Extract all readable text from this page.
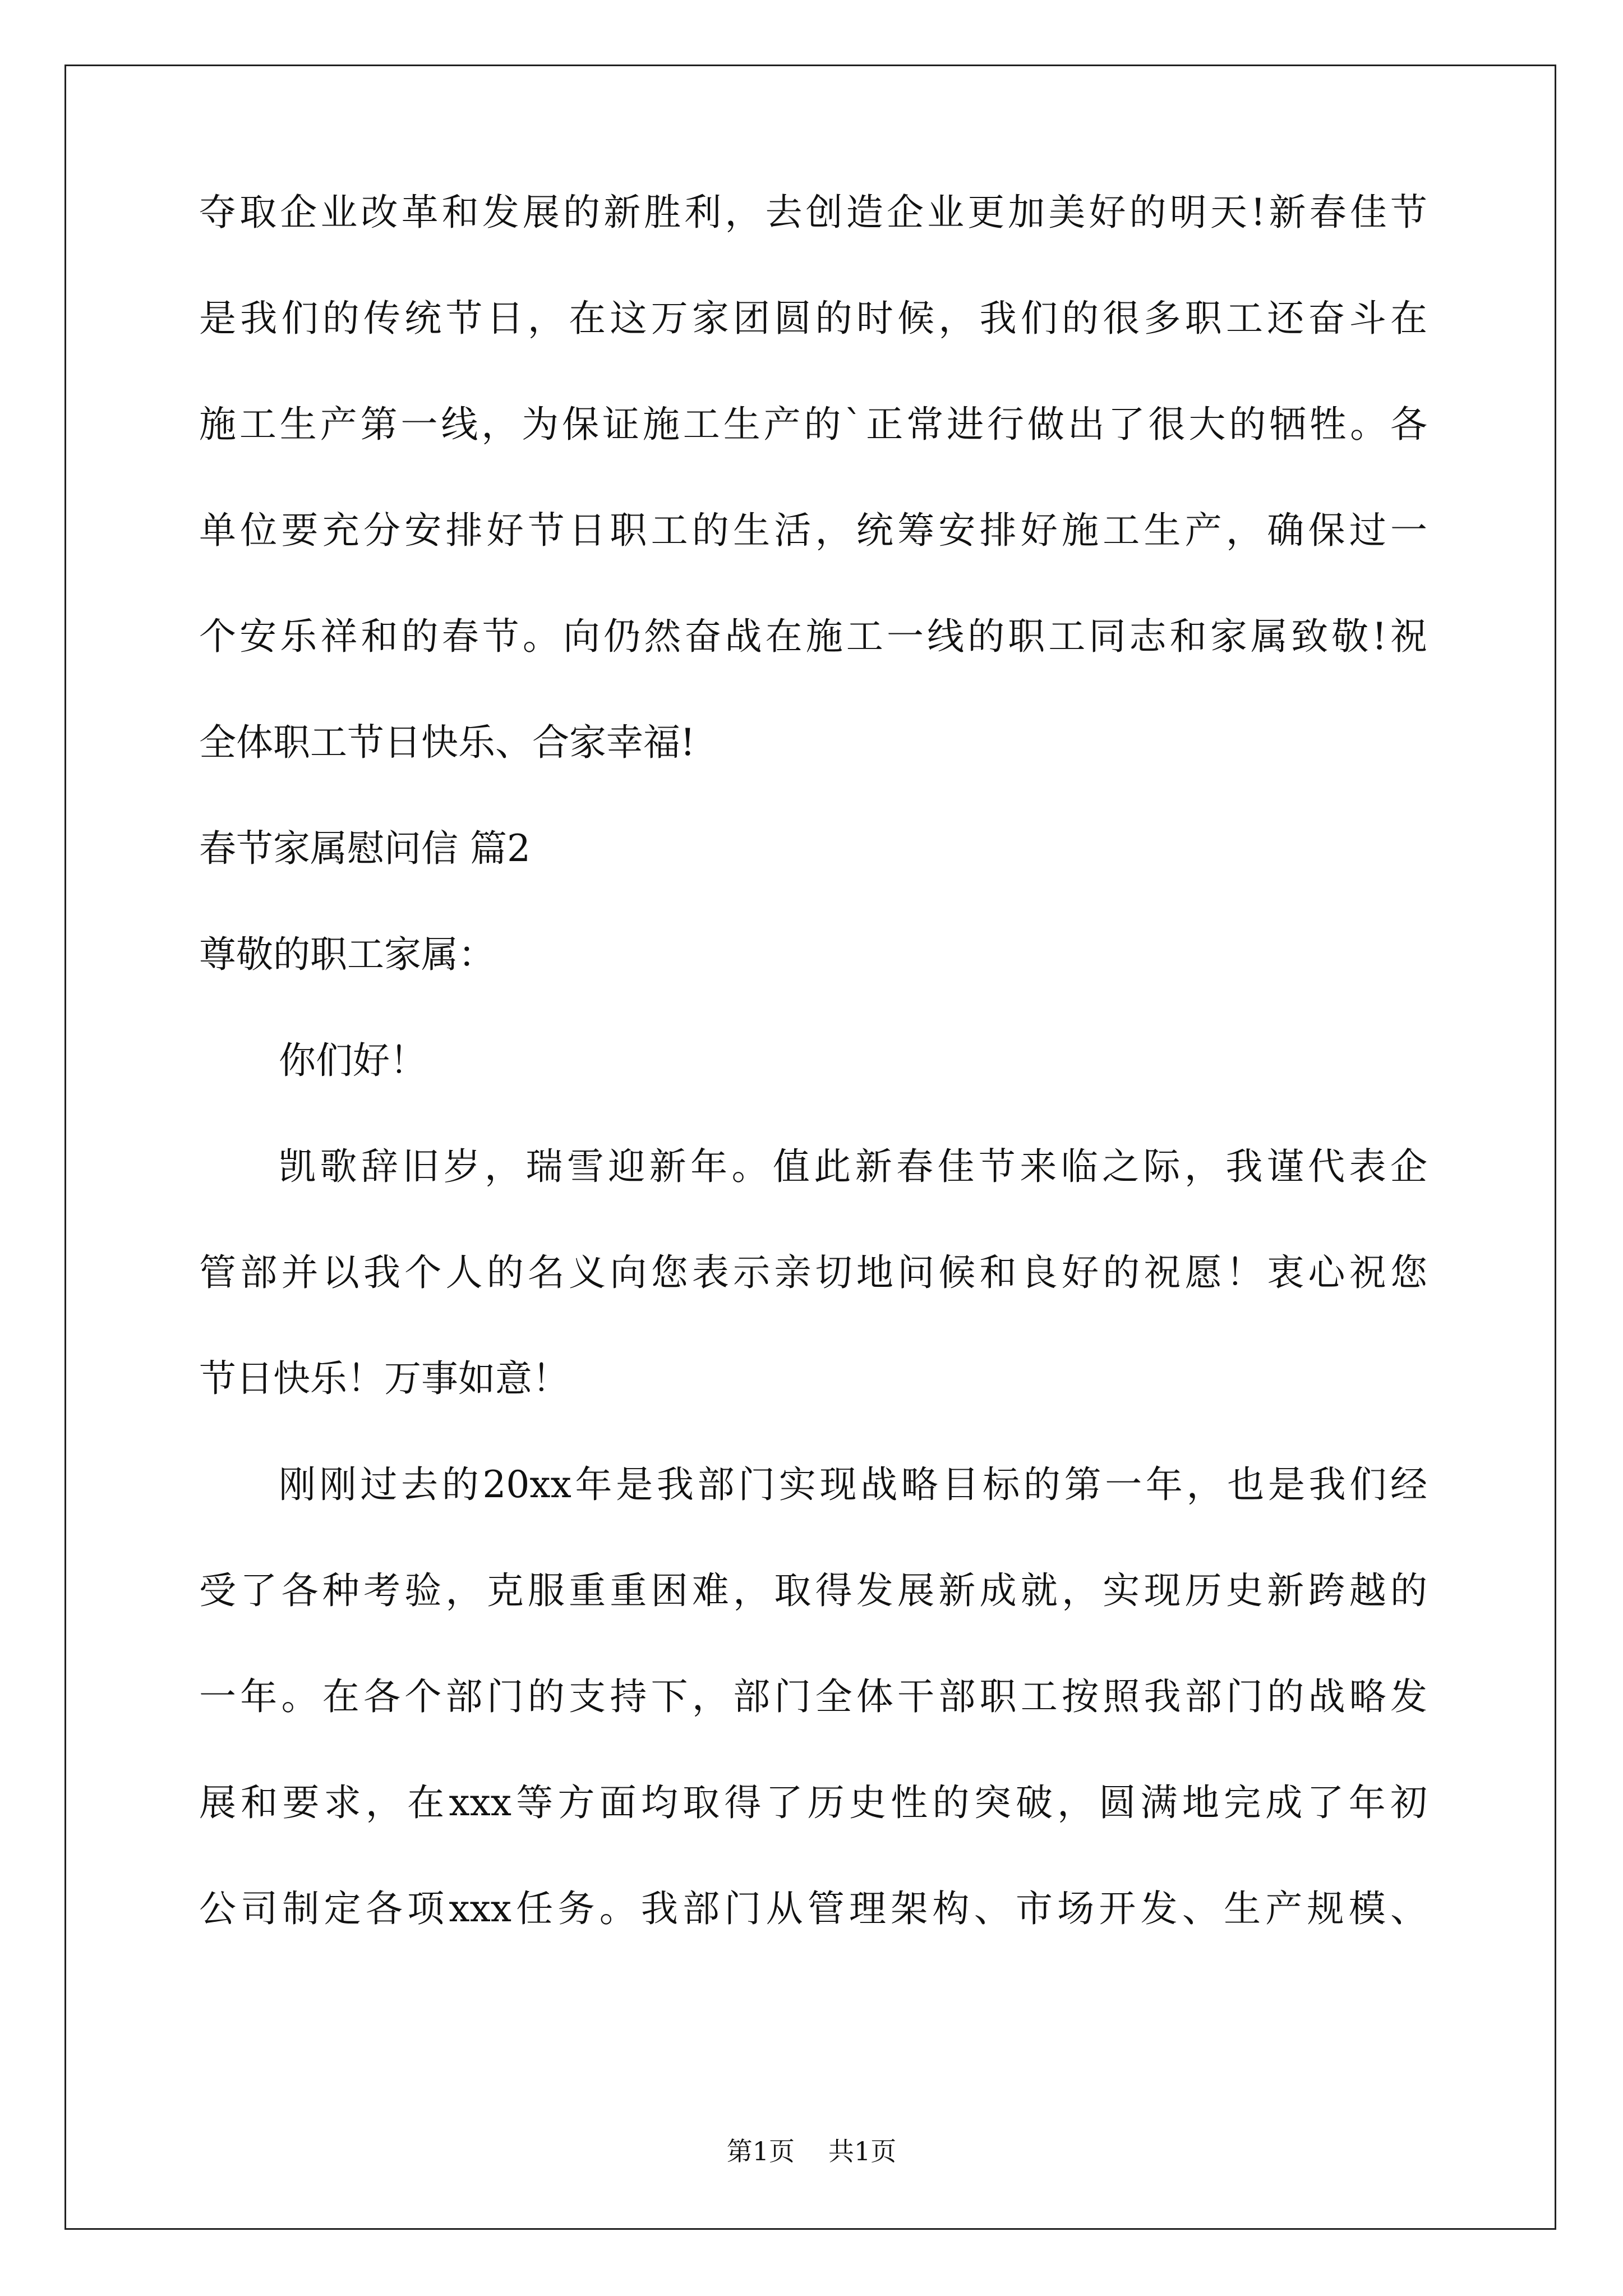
夺取企业改革和发展的新胜利，去创造企业更加美好的明天!新春佳节
是我们的传统节日，在这万家团圆的时候，我们的很多职工还奋斗在
施工生产第一线，为保证施工生产的`正常进行做出了很大的牺牲。各
单位要充分安排好节日职工的生活，统筹安排好施工生产，确保过一
个安乐祥和的春节。向仍然奋战在施工一线的职工同志和家属致敬!祝
全体职工节日快乐、合家幸福!
春节家属慰问信 篇2
尊敬的职工家属：
你们好！
凯歌辞旧岁，瑞雪迎新年。值此新春佳节来临之际，我谨代表企
管部并以我个人的名义向您表示亲切地问候和良好的祝愿！衷心祝您
节日快乐！万事如意！
刚刚过去的20xx年是我部门实现战略目标的第一年，也是我们经
受了各种考验，克服重重困难，取得发展新成就，实现历史新跨越的
一年。在各个部门的支持下，部门全体干部职工按照我部门的战略发
展和要求，在xxx等方面均取得了历史性的突破，圆满地完成了年初
公司制定各项xxx任务。我部门从管理架构、市场开发、生产规模、
第1页 共1页
